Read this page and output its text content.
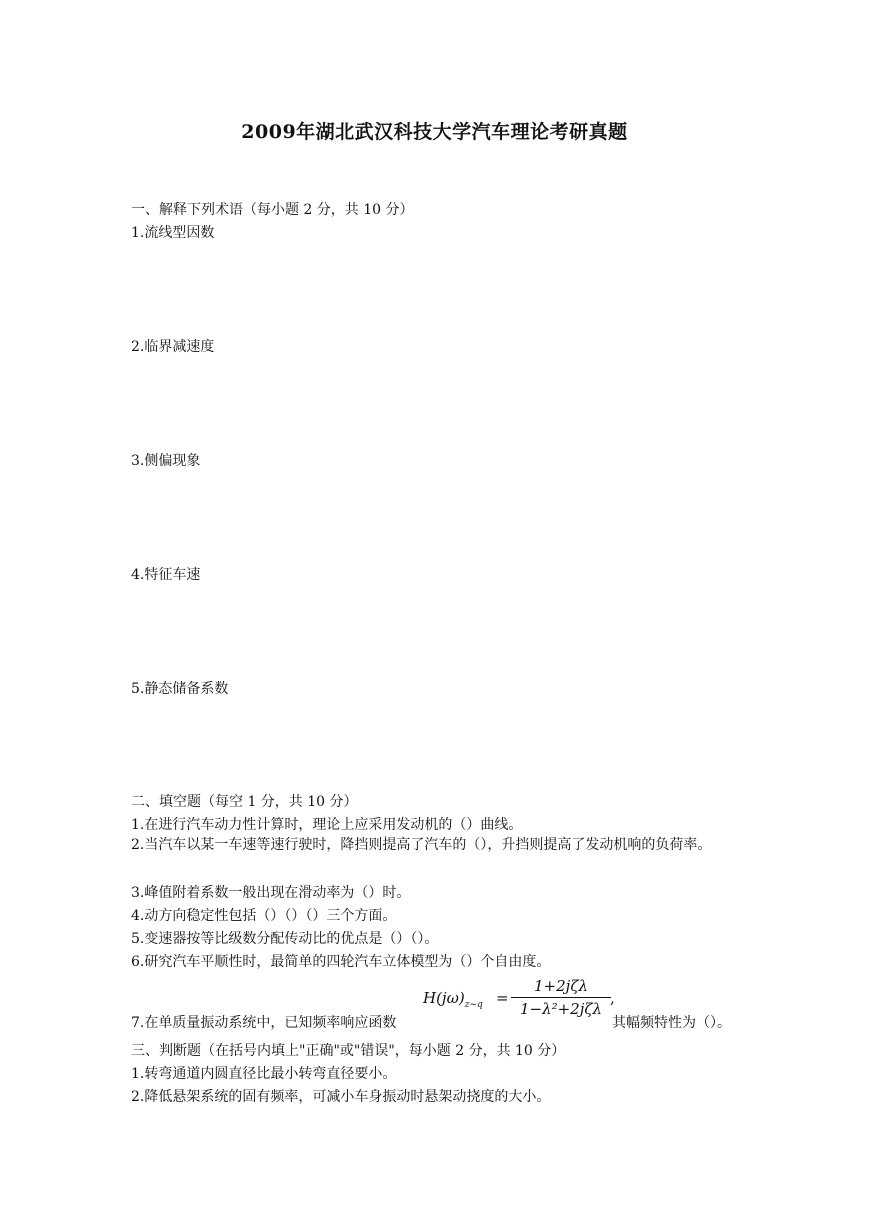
2009年湖北武汉科技大学汽车理论考研真题
一、解释下列术语（每小题 2 分，共 10 分）
1.流线型因数
2.临界减速度
3.侧偏现象
4.特征车速
5.静态储备系数
二、填空题（每空 1 分，共 10 分）
1.在进行汽车动力性计算时，理论上应采用发动机的（）曲线。
2.当汽车以某一车速等速行驶时，降挡则提高了汽车的（），升挡则提高了发动机响的负荷率。
3.峰值附着系数一般出现在滑动率为（）时。
4.动方向稳定性包括（）（）（）三个方面。
5.变速器按等比级数分配传动比的优点是（）（）。
6.研究汽车平顺性时，最简单的四轮汽车立体模型为（）个自由度。
7.在单质量振动系统中，已知频率响应函数
$H(j\omega)_{z\sim q}$ =
1+2jζλ
1−λ²+2jζλ
,
其幅频特性为（）。
三、判断题（在括号内填上"正确"或"错误"，每小题 2 分，共 10 分）
1.转弯通道内圆直径比最小转弯直径要小。
2.降低悬架系统的固有频率，可减小车身振动时悬架动挠度的大小。
